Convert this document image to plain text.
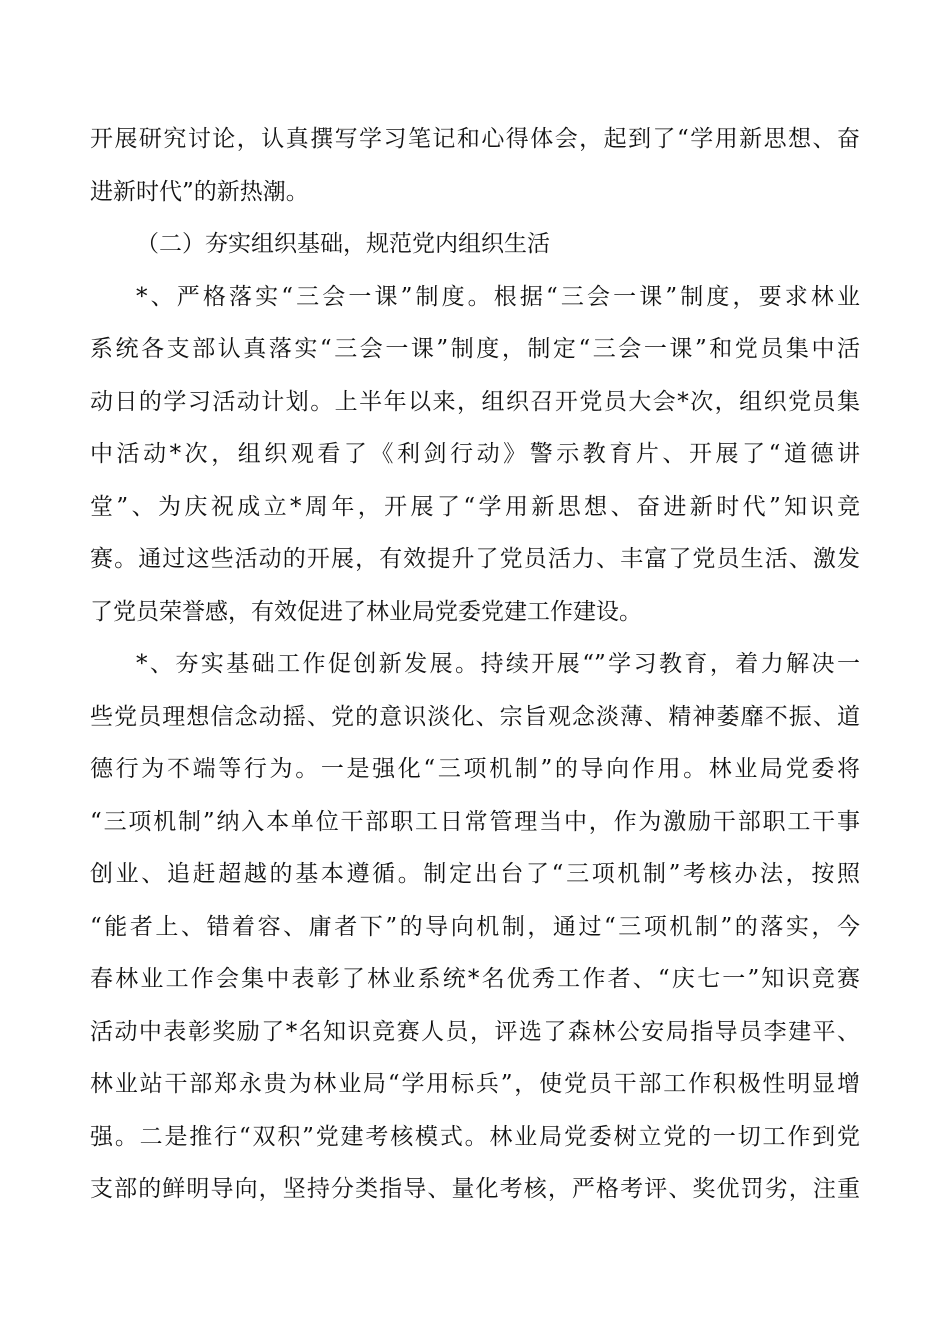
开展研究讨论，认真撰写学习笔记和心得体会，起到了“学用新思想、奋
进新时代”的新热潮。
（二）夯实组织基础，规范党内组织生活
*、严格落实“三会一课”制度。根据“三会一课”制度，要求林业
系统各支部认真落实“三会一课”制度，制定“三会一课”和党员集中活
动日的学习活动计划。上半年以来，组织召开党员大会*次，组织党员集
中活动*次，组织观看了《利剑行动》警示教育片、开展了“道德讲
堂”、为庆祝成立*周年，开展了“学用新思想、奋进新时代”知识竞
赛。通过这些活动的开展，有效提升了党员活力、丰富了党员生活、激发
了党员荣誉感，有效促进了林业局党委党建工作建设。
*、夯实基础工作促创新发展。持续开展“”学习教育，着力解决一
些党员理想信念动摇、党的意识淡化、宗旨观念淡薄、精神萎靡不振、道
德行为不端等行为。一是强化“三项机制”的导向作用。林业局党委将
“三项机制”纳入本单位干部职工日常管理当中，作为激励干部职工干事
创业、追赶超越的基本遵循。制定出台了“三项机制”考核办法，按照
“能者上、错着容、庸者下”的导向机制，通过“三项机制”的落实，今
春林业工作会集中表彰了林业系统*名优秀工作者、“庆七一”知识竞赛
活动中表彰奖励了*名知识竞赛人员，评选了森林公安局指导员李建平、
林业站干部郑永贵为林业局“学用标兵”，使党员干部工作积极性明显增
强。二是推行“双积”党建考核模式。林业局党委树立党的一切工作到党
支部的鲜明导向，坚持分类指导、量化考核，严格考评、奖优罚劣，注重
